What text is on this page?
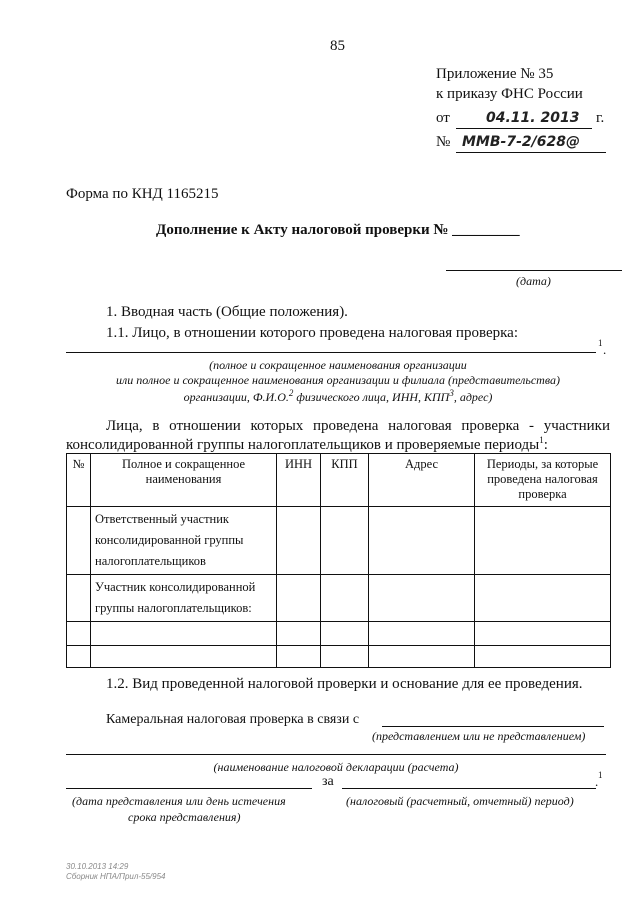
85
Приложение № 35
к приказу ФНС России
от	04.11. 2013 г.
№ ММВ-7-2/628@
Форма по КНД 1165215
Дополнение к Акту налоговой проверки № _________
(дата)
1. Вводная часть (Общие положения).
1.1. Лицо, в отношении которого проведена налоговая проверка:
1 .
(полное и сокращенное наименования организации
или полное и сокращенное наименования организации и филиала (представительства)
организации, Ф.И.О.$^2$ физического лица, ИНН, КПП$^3$, адрес)
Лица, в отношении которых проведена налоговая проверка - участники
консолидированной группы налогоплательщиков и проверяемые периоды$^1$:
№	Полное и сокращенное наименования	ИНН	КПП	Адрес	Периоды, за которые проведена налоговая проверка
	Ответственный участник консолидированной группы налогоплательщиков				
	Участник консолидированной группы налогоплательщиков:				

1.2. Вид проведенной налоговой проверки и основание для ее проведения.
Камеральная налоговая проверка в связи с
(представлением или не представлением)
(наименование налоговой декларации (расчета)
за	1
.
(дата представления или день истечения
срока представления)
(налоговый (расчетный, отчетный) период)
30.10.2013 14:29
Сборник НПА/Прил-55/954
